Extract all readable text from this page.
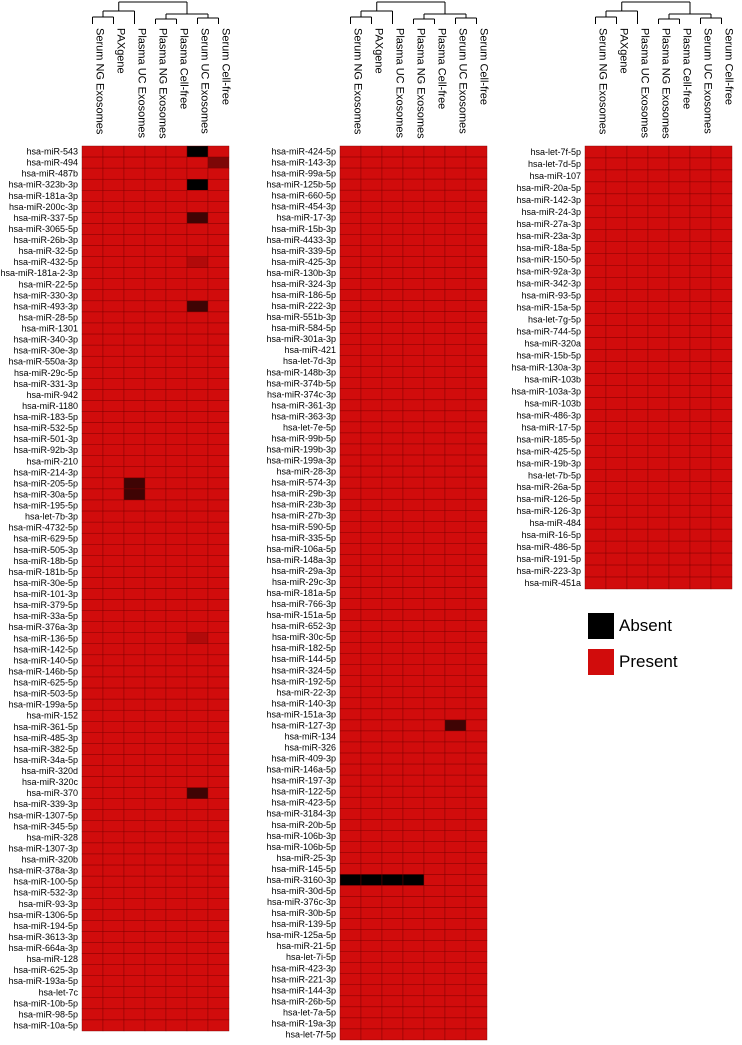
Serum NG Exosomes PAXgene Plasma UC Exosomes Plasma NG Exosomes Plasma Cell-free Serum UC Exosomes Serum Cell-free
hsa-miR-543
hsa-miR-494
hsa-miR-487b
hsa-miR-323b-3p
hsa-miR-181a-3p
hsa-miR-200c-3p
hsa-miR-337-5p
hsa-miR-3065-5p
hsa-miR-26b-3p
hsa-miR-32-5p
hsa-miR-432-5p
hsa-miR-181a-2-3p
hsa-miR-22-5p
hsa-miR-330-3p
hsa-miR-493-3p
hsa-miR-28-5p
hsa-miR-1301
hsa-miR-340-3p
hsa-miR-30e-3p
hsa-miR-550a-3p
hsa-miR-29c-5p
hsa-miR-331-3p
hsa-miR-942
hsa-miR-1180
hsa-miR-183-5p
hsa-miR-532-5p
hsa-miR-501-3p
hsa-miR-92b-3p
hsa-miR-210
hsa-miR-214-3p
hsa-miR-205-5p
hsa-miR-30a-5p
hsa-miR-195-5p
hsa-let-7b-3p
hsa-miR-4732-5p
hsa-miR-629-5p
hsa-miR-505-3p
hsa-miR-18b-5p
hsa-miR-181b-5p
hsa-miR-30e-5p
hsa-miR-101-3p
hsa-miR-379-5p
hsa-miR-33a-5p
hsa-miR-376a-3p
hsa-miR-136-5p
hsa-miR-142-5p
hsa-miR-140-5p
hsa-miR-146b-5p
hsa-miR-625-5p
hsa-miR-503-5p
hsa-miR-199a-5p
hsa-miR-152
hsa-miR-361-5p
hsa-miR-485-3p
hsa-miR-382-5p
hsa-miR-34a-5p
hsa-miR-320d
hsa-miR-320c
hsa-miR-370
hsa-miR-339-3p
hsa-miR-1307-5p
hsa-miR-345-5p
hsa-miR-328
hsa-miR-1307-3p
hsa-miR-320b
hsa-miR-378a-3p
hsa-miR-100-5p
hsa-miR-532-3p
hsa-miR-93-3p
hsa-miR-1306-5p
hsa-miR-194-5p
hsa-miR-3613-3p
hsa-miR-664a-3p
hsa-miR-128
hsa-miR-625-3p
hsa-miR-193a-5p
hsa-let-7c
hsa-miR-10b-5p
hsa-miR-98-5p
hsa-miR-10a-5p
Serum NG Exosomes PAXgene Plasma UC Exosomes Plasma NG Exosomes Plasma Cell-free Serum UC Exosomes Serum Cell-free
hsa-miR-424-5p
hsa-miR-143-3p
hsa-miR-99a-5p
hsa-miR-125b-5p
hsa-miR-660-5p
hsa-miR-454-3p
hsa-miR-17-3p
hsa-miR-15b-3p
hsa-miR-4433-3p
hsa-miR-339-5p
hsa-miR-425-3p
hsa-miR-130b-3p
hsa-miR-324-3p
hsa-miR-186-5p
hsa-miR-222-3p
hsa-miR-551b-3p
hsa-miR-584-5p
hsa-miR-301a-3p
hsa-miR-421
hsa-let-7d-3p
hsa-miR-148b-3p
hsa-miR-374b-5p
hsa-miR-374c-3p
hsa-miR-361-3p
hsa-miR-363-3p
hsa-let-7e-5p
hsa-miR-99b-5p
hsa-miR-199b-3p
hsa-miR-199a-3p
hsa-miR-28-3p
hsa-miR-574-3p
hsa-miR-29b-3p
hsa-miR-23b-3p
hsa-miR-27b-3p
hsa-miR-590-5p
hsa-miR-335-5p
hsa-miR-106a-5p
hsa-miR-148a-3p
hsa-miR-29a-3p
hsa-miR-29c-3p
hsa-miR-181a-5p
hsa-miR-766-3p
hsa-miR-151a-5p
hsa-miR-652-3p
hsa-miR-30c-5p
hsa-miR-182-5p
hsa-miR-144-5p
hsa-miR-324-5p
hsa-miR-192-5p
hsa-miR-22-3p
hsa-miR-140-3p
hsa-miR-151a-3p
hsa-miR-127-3p
hsa-miR-134
hsa-miR-326
hsa-miR-409-3p
hsa-miR-146a-5p
hsa-miR-197-3p
hsa-miR-122-5p
hsa-miR-423-5p
hsa-miR-3184-3p
hsa-miR-20b-5p
hsa-miR-106b-3p
hsa-miR-106b-5p
hsa-miR-25-3p
hsa-miR-145-5p
hsa-miR-3160-3p
hsa-miR-30d-5p
hsa-miR-376c-3p
hsa-miR-30b-5p
hsa-miR-139-5p
hsa-miR-125a-5p
hsa-miR-21-5p
hsa-let-7i-5p
hsa-miR-423-3p
hsa-miR-221-3p
hsa-miR-144-3p
hsa-miR-26b-5p
hsa-let-7a-5p
hsa-miR-19a-3p
hsa-let-7f-5p
Serum NG Exosomes PAXgene Plasma UC Exosomes Plasma NG Exosomes Plasma Cell-free Serum UC Exosomes Serum Cell-free
hsa-let-7f-5p
hsa-let-7d-5p
hsa-miR-107
hsa-miR-20a-5p
hsa-miR-142-3p
hsa-miR-24-3p
hsa-miR-27a-3p
hsa-miR-23a-3p
hsa-miR-18a-5p
hsa-miR-150-5p
hsa-miR-92a-3p
hsa-miR-342-3p
hsa-miR-93-5p
hsa-miR-15a-5p
hsa-let-7g-5p
hsa-miR-744-5p
hsa-miR-320a
hsa-miR-15b-5p
hsa-miR-130a-3p
hsa-miR-103b
hsa-miR-103a-3p
hsa-miR-103b
hsa-miR-486-3p
hsa-miR-17-5p
hsa-miR-185-5p
hsa-miR-425-5p
hsa-miR-19b-3p
hsa-let-7b-5p
hsa-miR-26a-5p
hsa-miR-126-5p
hsa-miR-126-3p
hsa-miR-484
hsa-miR-16-5p
hsa-miR-486-5p
hsa-miR-191-5p
hsa-miR-223-3p
hsa-miR-451a
Absent
Present
